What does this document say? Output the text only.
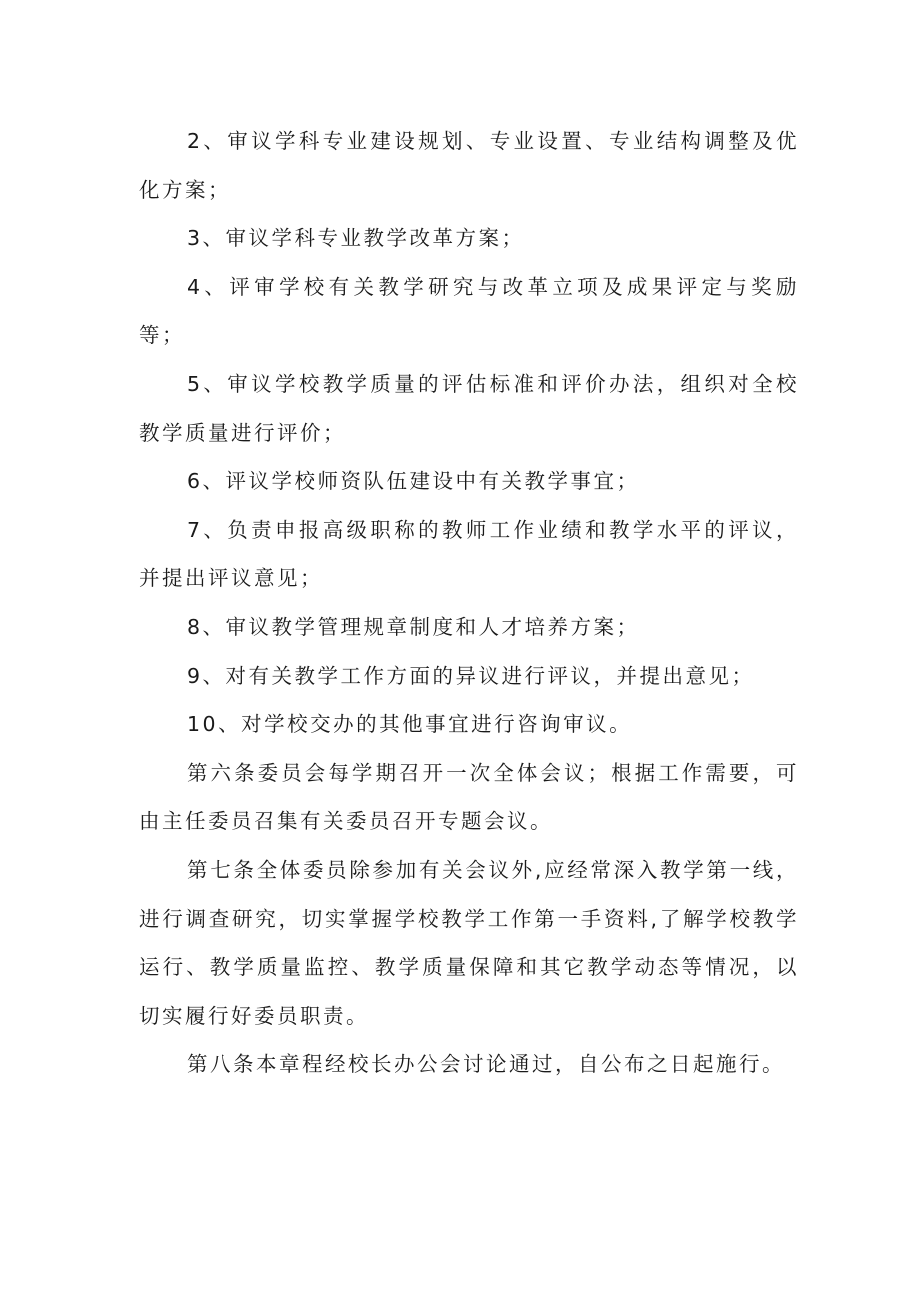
2、审议学科专业建设规划、专业设置、专业结构调整及优化方案；

3、审议学科专业教学改革方案；

4、评审学校有关教学研究与改革立项及成果评定与奖励等；

5、审议学校教学质量的评估标准和评价办法，组织对全校教学质量进行评价；

6、评议学校师资队伍建设中有关教学事宜；

7、负责申报高级职称的教师工作业绩和教学水平的评议，并提出评议意见；

8、审议教学管理规章制度和人才培养方案；

9、对有关教学工作方面的异议进行评议，并提出意见；

10、对学校交办的其他事宜进行咨询审议。

第六条委员会每学期召开一次全体会议；根据工作需要，可由主任委员召集有关委员召开专题会议。

第七条全体委员除参加有关会议外,应经常深入教学第一线，进行调查研究，切实掌握学校教学工作第一手资料,了解学校教学运行、教学质量监控、教学质量保障和其它教学动态等情况，以切实履行好委员职责。

第八条本章程经校长办公会讨论通过，自公布之日起施行。
